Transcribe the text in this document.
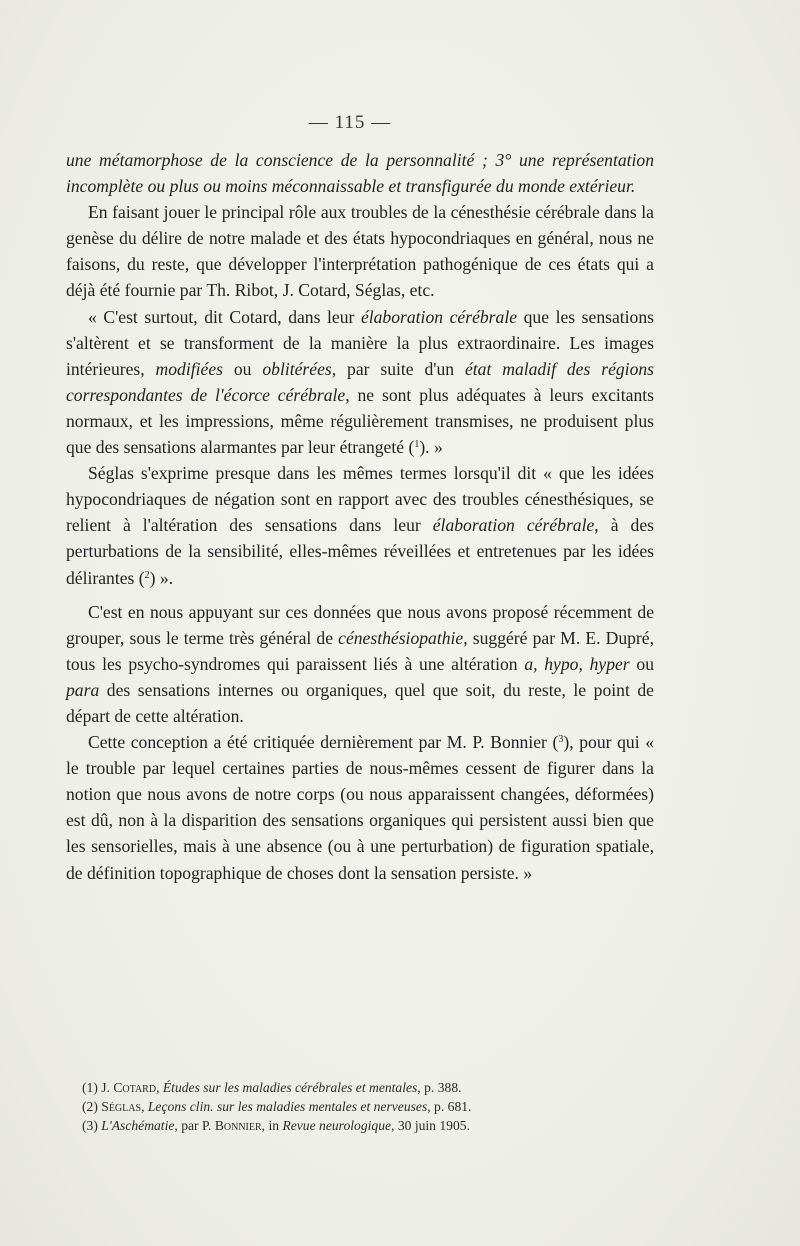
— 115 —

une métamorphose de la conscience de la personnalité ; 3° une représentation incomplète ou plus ou moins méconnaissable et transfigurée du monde extérieur.

En faisant jouer le principal rôle aux troubles de la cénesthésie cérébrale dans la genèse du délire de notre malade et des états hypocondriaques en général, nous ne faisons, du reste, que développer l'interprétation pathogénique de ces états qui a déjà été fournie par Th. Ribot, J. Cotard, Séglas, etc.

« C'est surtout, dit Cotard, dans leur élaboration cérébrale que les sensations s'altèrent et se transforment de la manière la plus extraordinaire. Les images intérieures, modifiées ou oblitérées, par suite d'un état maladif des régions correspondantes de l'écorce cérébrale, ne sont plus adéquates à leurs excitants normaux, et les impressions, même régulièrement transmises, ne produisent plus que des sensations alarmantes par leur étrangeté ($^1$). »

Séglas s'exprime presque dans les mêmes termes lorsqu'il dit « que les idées hypocondriaques de négation sont en rapport avec des troubles cénesthésiques, se relient à l'altération des sensations dans leur élaboration cérébrale, à des perturbations de la sensibilité, elles-mêmes réveillées et entretenues par les idées délirantes ($^2$) ».

C'est en nous appuyant sur ces données que nous avons proposé récemment de grouper, sous le terme très général de cénesthésiopathie, suggéré par M. E. Dupré, tous les psycho-syndromes qui paraissent liés à une altération a, hypo, hyper ou para des sensations internes ou organiques, quel que soit, du reste, le point de départ de cette altération.

Cette conception a été critiquée dernièrement par M. P. Bonnier ($^3$), pour qui « le trouble par lequel certaines parties de nous-mêmes cessent de figurer dans la notion que nous avons de notre corps (ou nous apparaissent changées, déformées) est dû, non à la disparition des sensations organiques qui persistent aussi bien que les sensorielles, mais à une absence (ou à une perturbation) de figuration spatiale, de définition topographique de choses dont la sensation persiste. »

(1) J. Cotard, Études sur les maladies cérébrales et mentales, p. 388.
(2) Séglas, Leçons clin. sur les maladies mentales et nerveuses, p. 681.
(3) L'Aschématie, par P. Bonnier, in Revue neurologique, 30 juin 1905.
